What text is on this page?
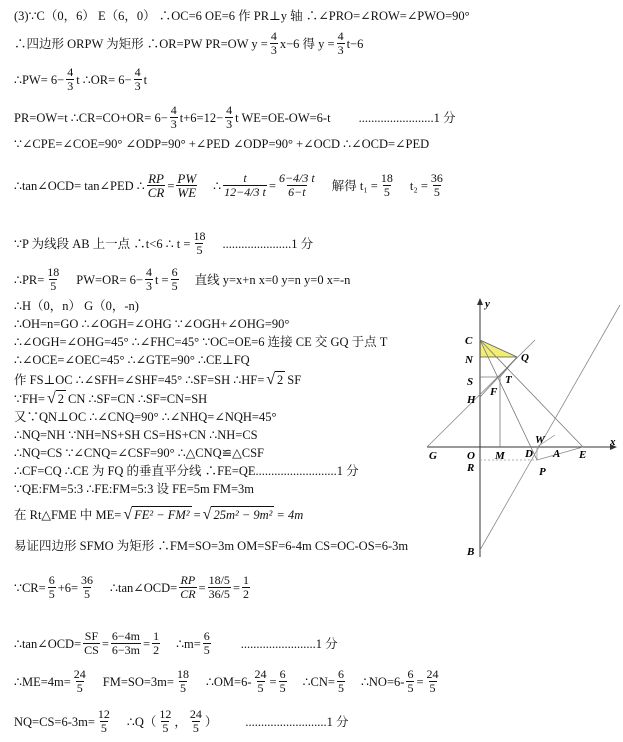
(3)∵C（0，6） E（6，0） ∴OC=6 OE=6 作 PR⊥y 轴 ∴∠PRO=∠ROW=∠PWO=90°
∴四边形 ORPW 为矩形 ∴OR=PW PR=OW $y = \frac{4}{3} x-6$ 得 $y = \frac{4}{3} t-6$
∴PW= $6- \frac{4}{3}$ t ∴OR= $6- \frac{4}{3}$ t
PR=OW=t ∴CR=CO+OR= $6- \frac{4}{3} t+6=12- \frac{4}{3}$ t WE=OE-OW=6-t ........................1 分
∵∠CPE=∠COE=90° ∠ODP=90° +∠PED ∠ODP=90° +∠OCD ∴∠OCD=∠PED
∴tan∠OCD= tan∠PED ∴ $\frac{RP}{CR} = \frac{PW}{WE}$ ∴ $\frac{t}{12-4/3 t} = \frac{6-4/3 t}{6-t}$ 解得 $t_1 = \frac{18}{5} t_2 = \frac{36}{5}$
∵P 为线段 AB 上一点 ∴t<6 ∴ $t = \frac{18}{5} ......................1$ 分
∴PR= $\frac{18}{5} PW=OR= 6- \frac{4}{3}$ $t = \frac{6}{5}$ 直线 y=x+n x=0 y=n y=0 x=-n
∴H（0，n） G（0，-n)
∴OH=n=GO ∴∠OGH=∠OHG ∵∠OGH+∠OHG=90°
∴∠OGH=∠OHG=45° ∴∠FHC=45° ∵OC=OE=6 连接 CE 交 GQ 于点 T
∴∠OCE=∠OEC=45° ∴∠GTE=90° ∴CE⊥FQ
作 FS⊥OC ∴∠SFH=∠SHF=45° ∴SF=SH ∴HF= √ 2 SF
∵FH= √ 2 CN ∴SF=CN ∴SF=CN=SH
又∵QN⊥OC ∴∠CNQ=90° ∴∠NHQ=∠NQH=45°
∴NQ=NH ∵NH=NS+SH CS=HS+CN ∴NH=CS
∴NQ=CS ∵∠CNQ=∠CSF=90° ∴△CNQ≌△CSF
∴CF=CQ ∴CE 为 FQ 的垂直平分线 ∴FE=QE ..........................1 分
∵QE:FM=5:3 ∴FE:FM=5:3 设 FE=5m FM=3m
在 Rt△FME 中 ME= √ FE² − FM² = √ 25m² − 9m² = 4m
易证四边形 SFMO 为矩形 ∴FM=SO=3m OM=SF=6-4m CS=OC-OS=6-3m
∵CR= $\frac{6}{5} +6= \frac{36}{5}$ ∴tan∠OCD= $\frac{RP}{CR} = \frac{18/5}{36/5} = \frac{1}{2}$
∴tan∠OCD= $\frac{SF}{CS} = \frac{6-4m}{6-3m} = \frac{1}{2}$ ∴m= $\frac{6}{5} ........................1$ 分
∴ME=4m= $\frac{24}{5} FM=SO=3m= \frac{18}{5}$ ∴OM=6- $\frac{24}{5} = \frac{6}{5}$ ∴CN= $\frac{6}{5}$ ∴NO=6- $\frac{6}{5} = \frac{24}{5}$
$NQ=CS=6-3m= \frac{12}{5}$ ∴Q（ $\frac{12}{5}$ ， $\frac{24}{5}$ ） ..........................1 分
y
C
N	Q
S	T
F
H
W
G	O M D A E
x
R	P
B
